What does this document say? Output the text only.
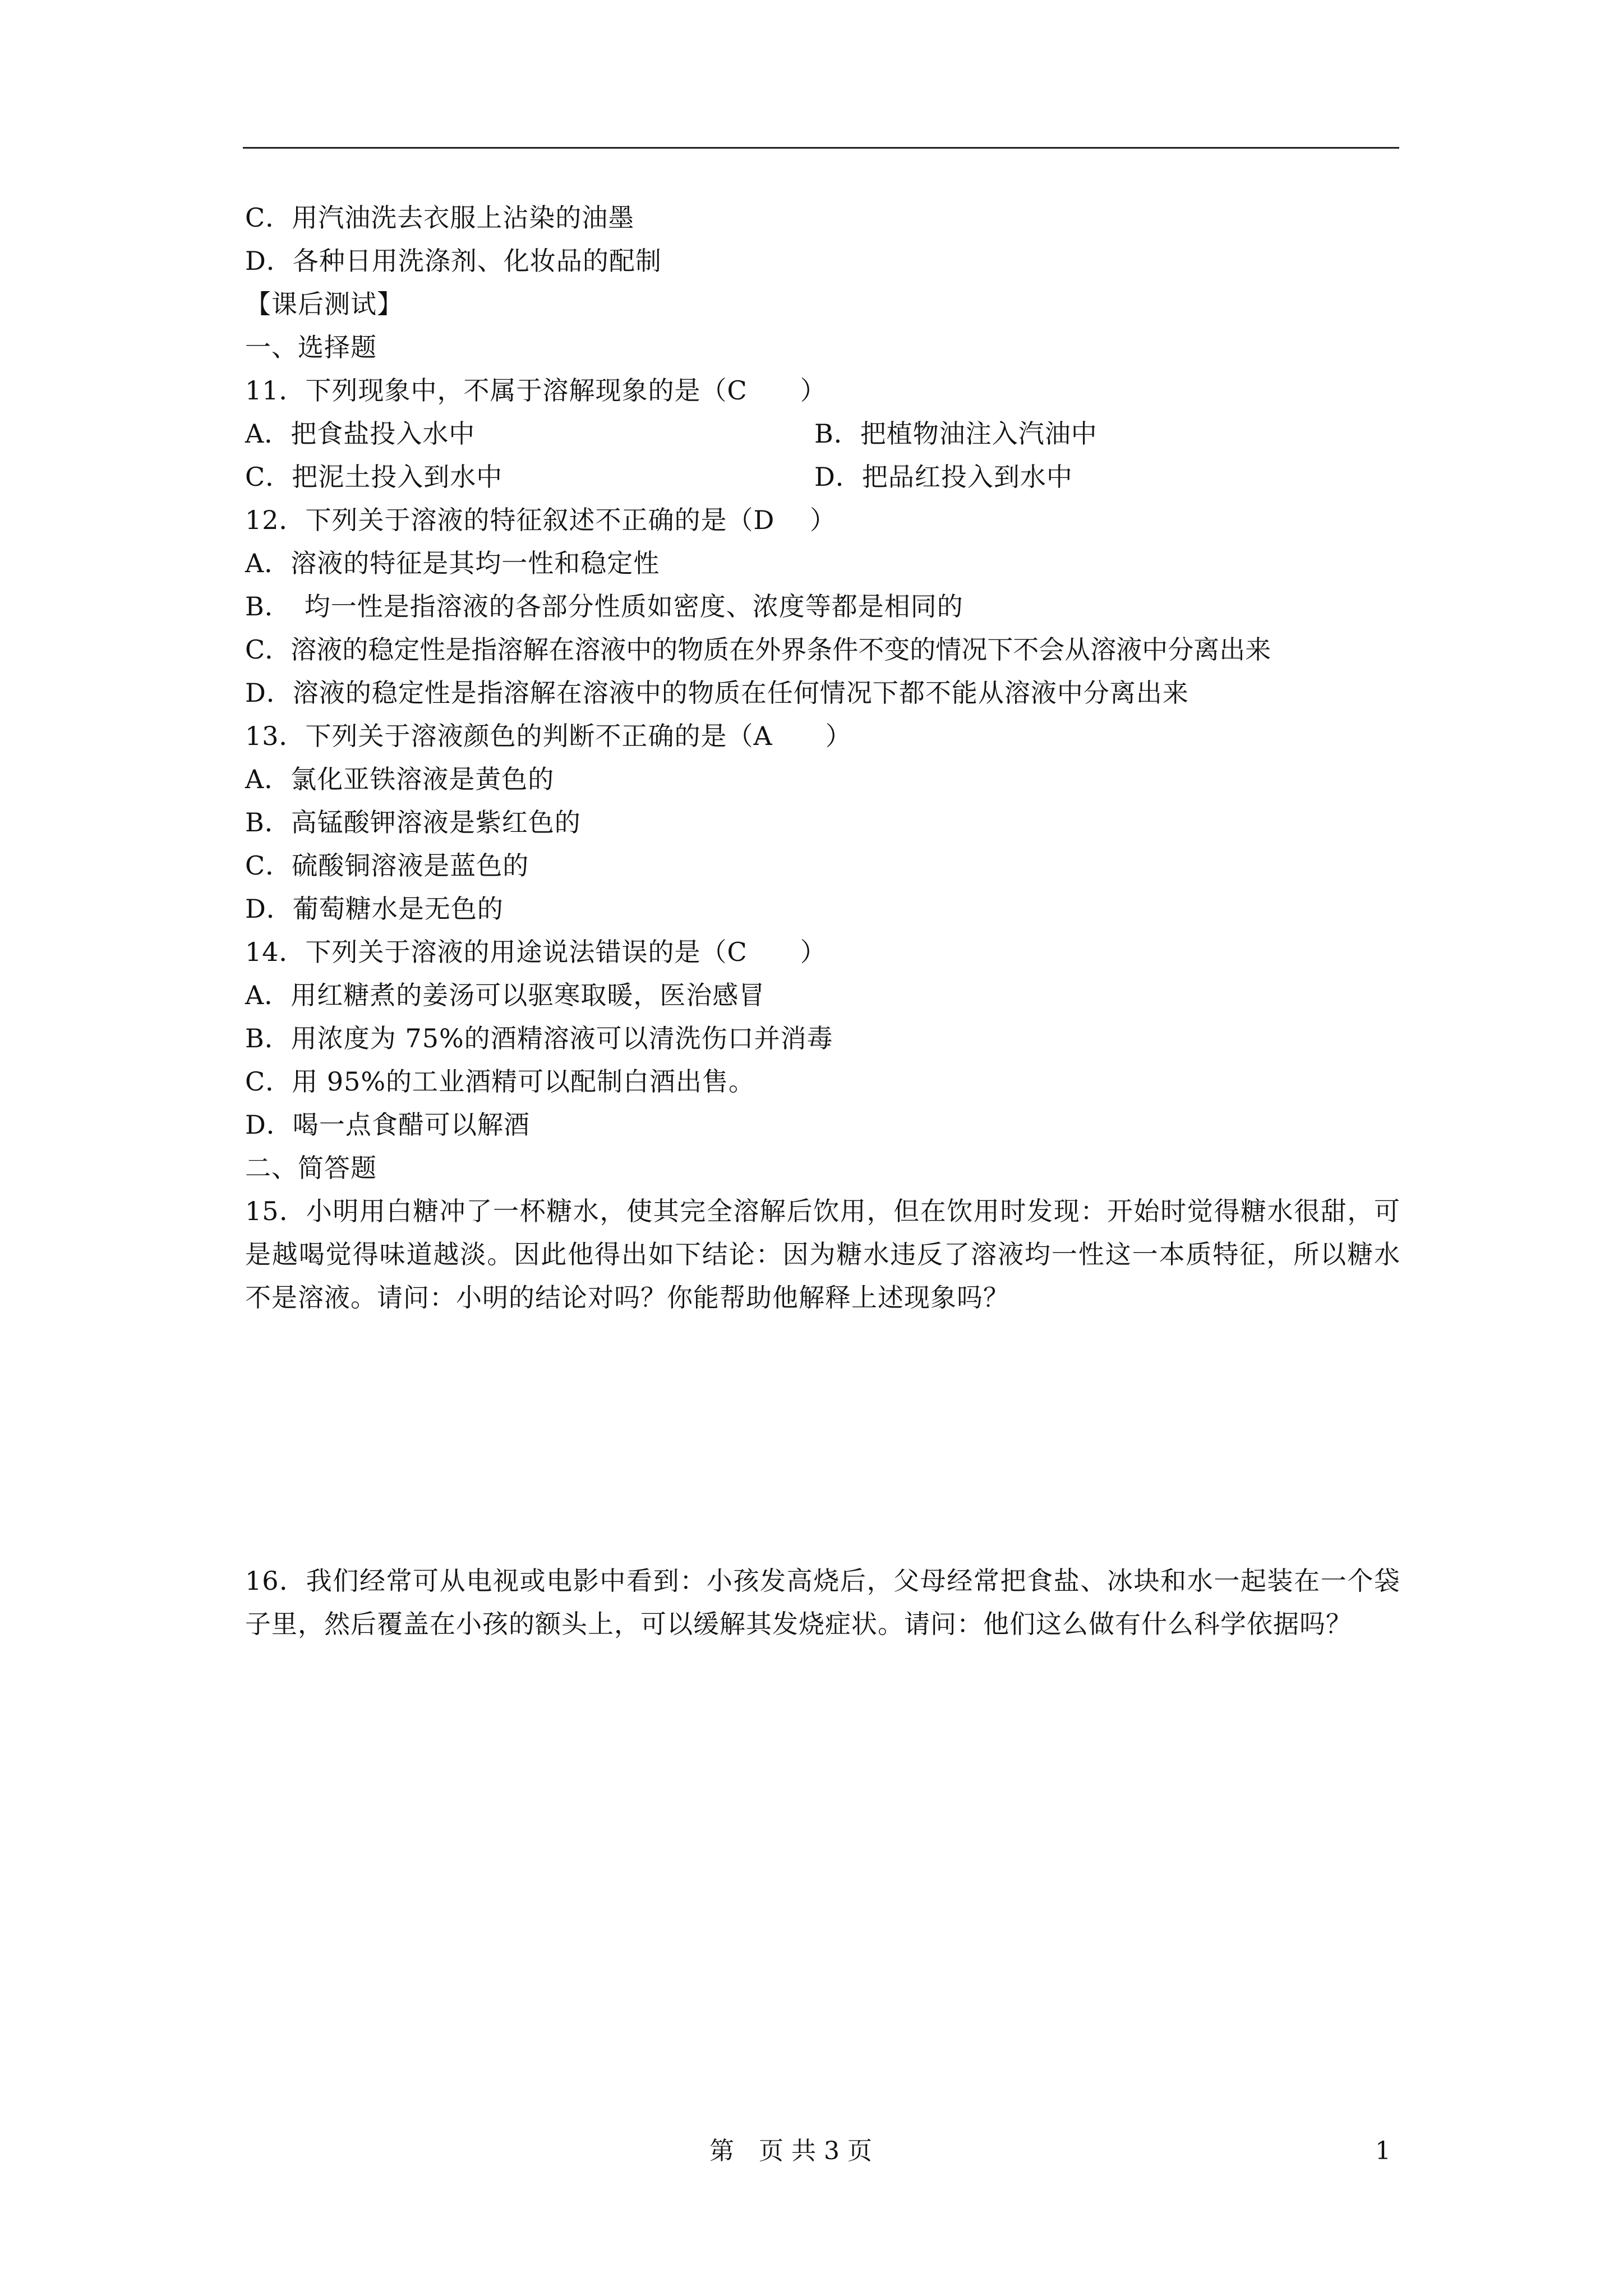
C．用汽油洗去衣服上沾染的油墨
D．各种日用洗涤剂、化妆品的配制
【课后测试】
一、选择题
11．下列现象中，不属于溶解现象的是（C　　）
A．把食盐投入水中	B．把植物油注入汽油中
C．把泥土投入到水中	D．把品红投入到水中
12．下列关于溶液的特征叙述不正确的是（D　 ）
A．溶液的特征是其均一性和稳定性
B．　均一性是指溶液的各部分性质如密度、浓度等都是相同的
C．溶液的稳定性是指溶解在溶液中的物质在外界条件不变的情况下不会从溶液中分离出来
D．溶液的稳定性是指溶解在溶液中的物质在任何情况下都不能从溶液中分离出来
13．下列关于溶液颜色的判断不正确的是（A　　）
A．氯化亚铁溶液是黄色的
B．高锰酸钾溶液是紫红色的
C．硫酸铜溶液是蓝色的
D．葡萄糖水是无色的
14．下列关于溶液的用途说法错误的是（C　　）
A．用红糖煮的姜汤可以驱寒取暖，医治感冒
B．用浓度为 75%的酒精溶液可以清洗伤口并消毒
C．用 95%的工业酒精可以配制白酒出售。
D．喝一点食醋可以解酒
二、简答题
15．小明用白糖冲了一杯糖水，使其完全溶解后饮用，但在饮用时发现：开始时觉得糖水很甜，可是越喝觉得味道越淡。因此他得出如下结论：因为糖水违反了溶液均一性这一本质特征，所以糖水不是溶液。请问：小明的结论对吗？你能帮助他解释上述现象吗？
16．我们经常可从电视或电影中看到：小孩发高烧后，父母经常把食盐、冰块和水一起装在一个袋子里，然后覆盖在小孩的额头上，可以缓解其发烧症状。请问：他们这么做有什么科学依据吗？
第　页 共 3 页	1
